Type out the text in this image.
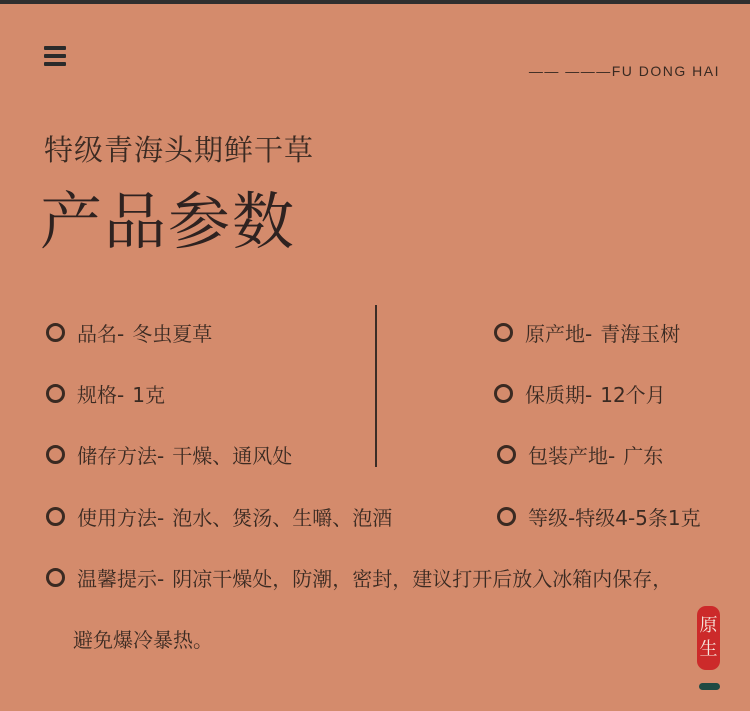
—— ———FU DONG HAI
特级青海头期鲜干草
产品参数
品名- 冬虫夏草
规格- 1克
储存方法- 干燥、通风处
使用方法- 泡水、煲汤、生嚼、泡酒
原产地- 青海玉树
保质期- 12个月
包装产地- 广东
等级- 特级4-5条1克
温馨提示- 阴凉干燥处，防潮，密封，建议打开后放入冰箱内保存，
避免爆冷暴热。
原
生
